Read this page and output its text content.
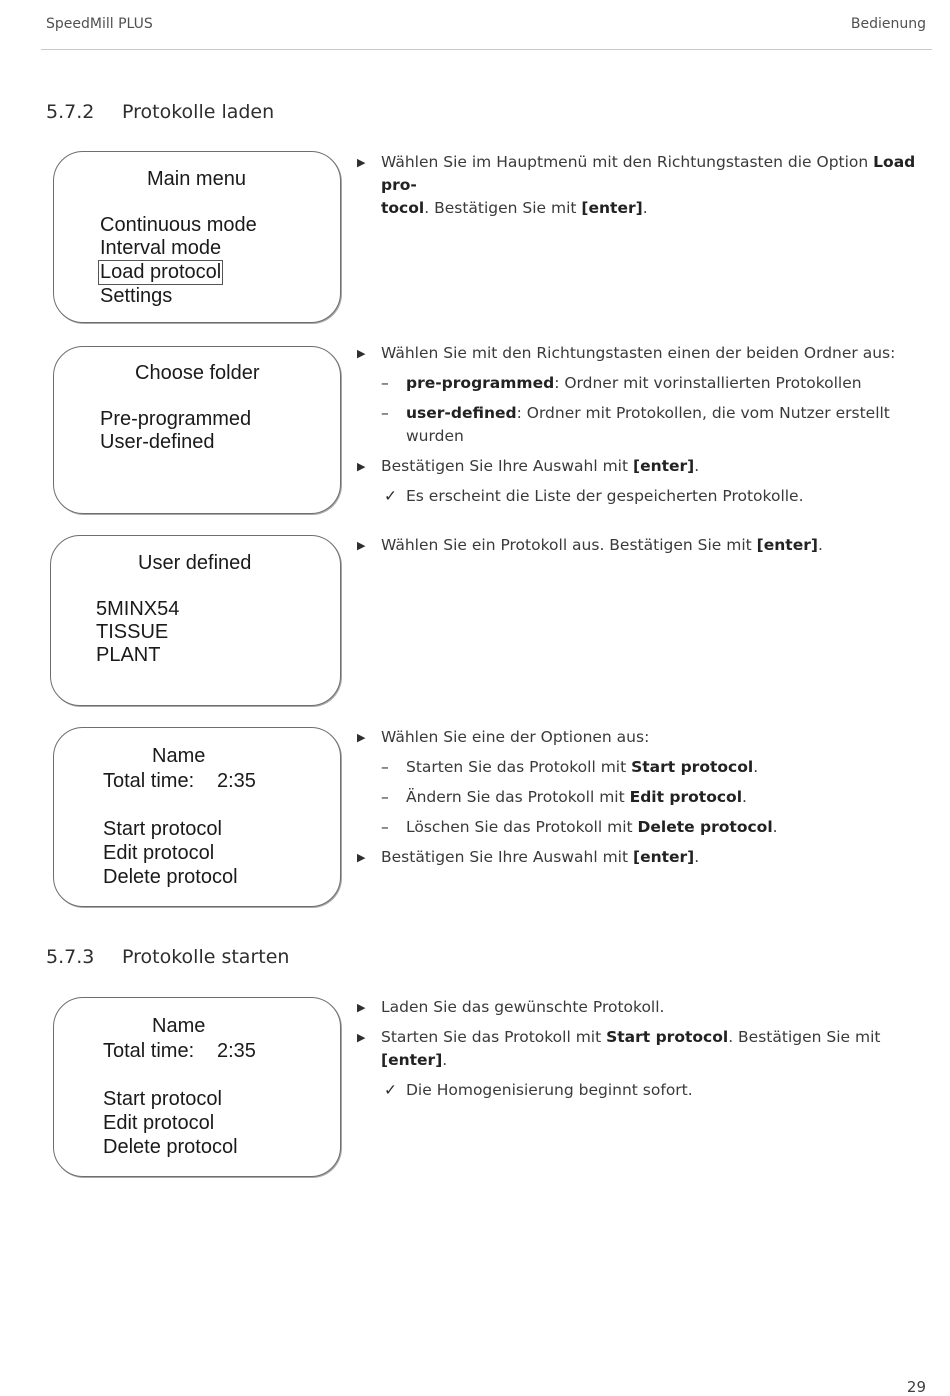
SpeedMill PLUS	Bedienung
5.7.2 Protokolle laden
Main menu
Continuous mode
Interval mode
Load protocol
Settings
Choose folder
Pre-programmed
User-defined
User defined
5MINX54
TISSUE
PLANT
Name
Total time: 2:35
Start protocol
Edit protocol
Delete protocol
5.7.3 Protokolle starten
Name
Total time: 2:35
Start protocol
Edit protocol
Delete protocol
▶ Wählen Sie im Hauptmenü mit den Richtungstasten die Option Load pro-
tocol. Bestätigen Sie mit [enter].
▶ Wählen Sie mit den Richtungstasten einen der beiden Ordner aus:
– pre-programmed: Ordner mit vorinstallierten Protokollen
– user-defined: Ordner mit Protokollen, die vom Nutzer erstellt wurden
▶ Bestätigen Sie Ihre Auswahl mit [enter].
✓ Es erscheint die Liste der gespeicherten Protokolle.
▶ Wählen Sie ein Protokoll aus. Bestätigen Sie mit [enter].
▶ Wählen Sie eine der Optionen aus:
– Starten Sie das Protokoll mit Start protocol.
– Ändern Sie das Protokoll mit Edit protocol.
– Löschen Sie das Protokoll mit Delete protocol.
▶ Bestätigen Sie Ihre Auswahl mit [enter].
▶ Laden Sie das gewünschte Protokoll.
▶ Starten Sie das Protokoll mit Start protocol. Bestätigen Sie mit [enter].
✓ Die Homogenisierung beginnt sofort.
29
